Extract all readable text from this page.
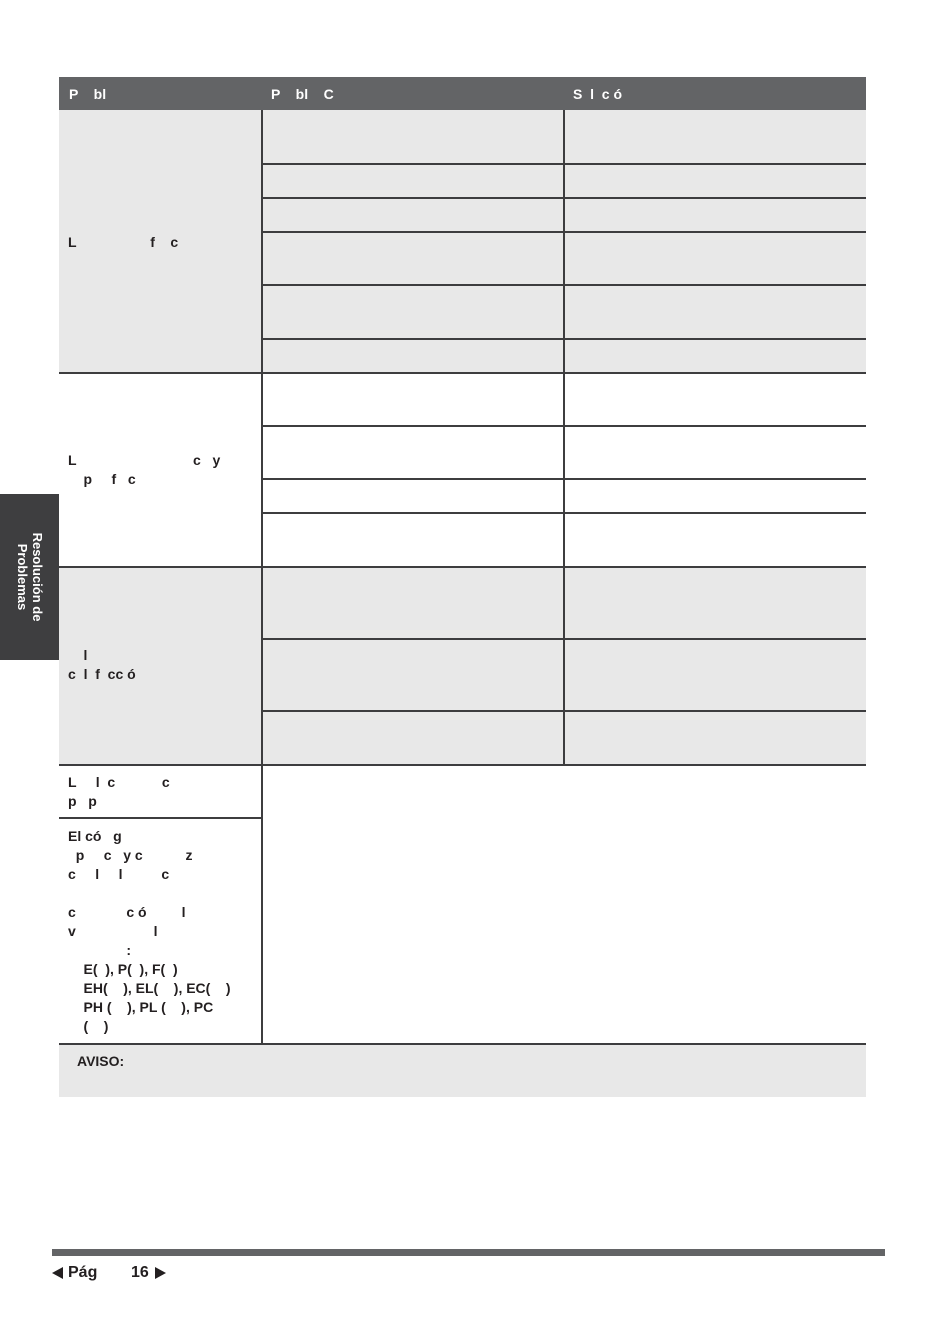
Resolución de
Problemas
P    bl	P    bl    C	S  l  c ó
L                   f    c
L                              c   y
p     f   c
l
c  l  f  cc ó
L     l  c            c
p   p
El có   g
p     c   y c           z
c     l     l          c

c             c ó         l
v                    l
:
E(  ), P(  ), F(  )
EH(    ), EL(    ), EC(    )
PH (    ), PL (    ), PC
(    )
AVISO:
Pág 16
